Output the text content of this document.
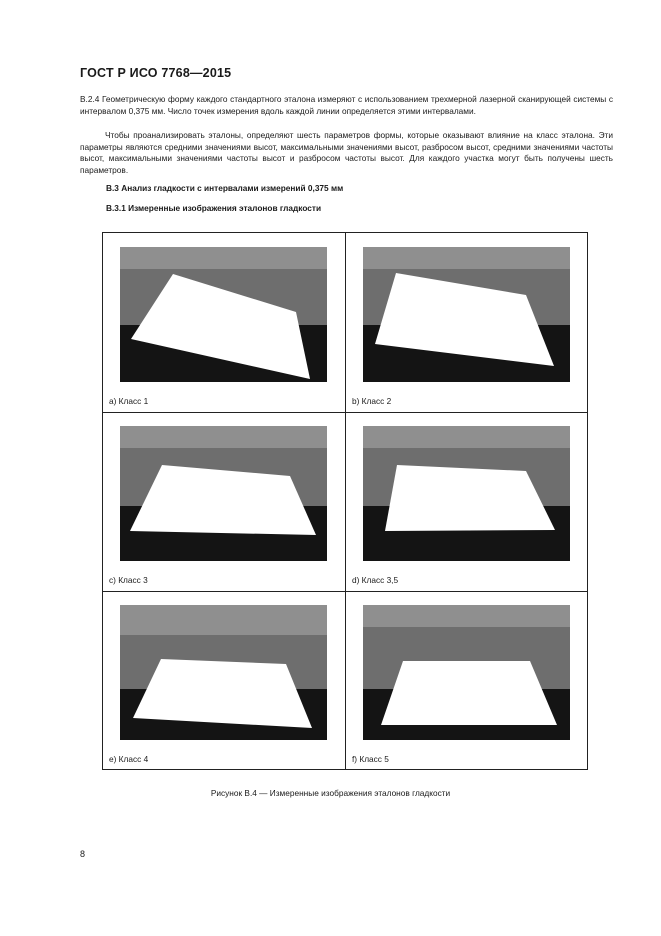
ГОСТ Р ИСО 7768—2015
В.2.4 Геометрическую форму каждого стандартного эталона измеряют с использованием трехмерной лазерной сканирующей системы с интервалом 0,375 мм. Число точек измерения вдоль каждой линии определяется этими интервалами.
Чтобы проанализировать эталоны, определяют шесть параметров формы, которые оказывают влияние на класс эталона. Эти параметры являются средними значениями высот, максимальными значениями высот, разбросом высот, средними значениями частоты высот, максимальными значениями частоты высот и разбросом частоты высот. Для каждого участка могут быть получены шесть параметров.
В.3 Анализ гладкости с интервалами измерений 0,375 мм
В.3.1 Измеренные изображения эталонов гладкости
а) Класс 1	b) Класс 2
с) Класс 3	d) Класс 3,5
е) Класс 4	f) Класс 5
Рисунок В.4 — Измеренные изображения эталонов гладкости
8
